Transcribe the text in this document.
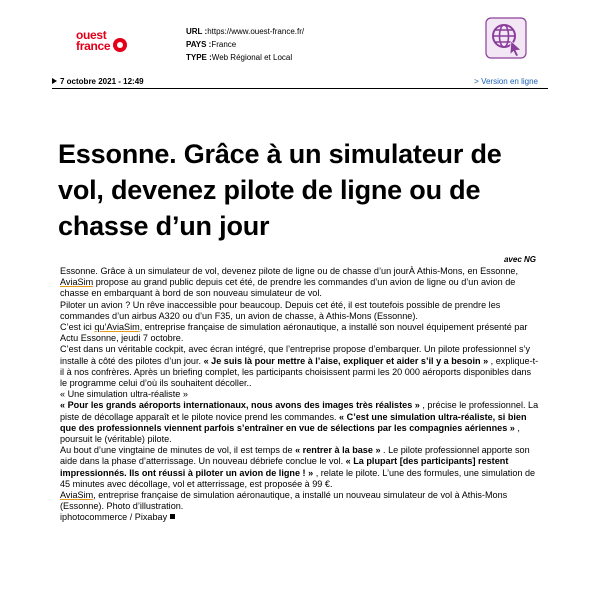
ouest
france
URL :https://www.ouest-france.fr/
PAYS :France
TYPE :Web Régional et Local
7 octobre 2021 - 12:49	> Version en ligne
Essonne. Grâce à un simulateur de vol, devenez pilote de ligne ou de chasse d’un jour
avec NG

Essonne. Grâce à un simulateur de vol, devenez pilote de ligne ou de chasse d’un jourÀ Athis-Mons, en Essonne, AviaSim propose au grand public depuis cet été, de prendre les commandes d’un avion de ligne ou d’un avion de chasse en embarquant à bord de son nouveau simulateur de vol.

Piloter un avion ? Un rêve inaccessible pour beaucoup. Depuis cet été, il est toutefois possible de prendre les commandes d’un airbus A320 ou d’un F35, un avion de chasse, à Athis-Mons (Essonne).

C’est ici qu’AviaSim, entreprise française de simulation aéronautique, a installé son nouvel équipement présenté par Actu Essonne, jeudi 7 octobre.

C’est dans un véritable cockpit, avec écran intégré, que l’entreprise propose d’embarquer. Un pilote professionnel s’y installe à côté des pilotes d’un jour. « Je suis là pour mettre à l’aise, expliquer et aider s’il y a besoin » , explique-t-il à nos confrères. Après un briefing complet, les participants choisissent parmi les 20 000 aéroports disponibles dans le programme celui d’où ils souhaitent décoller..

« Une simulation ultra-réaliste »

« Pour les grands aéroports internationaux, nous avons des images très réalistes » , précise le professionnel. La piste de décollage apparaît et le pilote novice prend les commandes. « C’est une simulation ultra-réaliste, si bien que des professionnels viennent parfois s’entraîner en vue de sélections par les compagnies aériennes » , poursuit le (véritable) pilote.

Au bout d’une vingtaine de minutes de vol, il est temps de « rentrer à la base » . Le pilote professionnel apporte son aide dans la phase d’atterrissage. Un nouveau débriefe conclue le vol. « La plupart [des participants] restent impressionnés. Ils ont réussi à piloter un avion de ligne ! » , relate le pilote. L’une des formules, une simulation de 45 minutes avec décollage, vol et atterrissage, est proposée à 99 €.

AviaSim, entreprise française de simulation aéronautique, a installé un nouveau simulateur de vol à Athis-Mons (Essonne). Photo d’illustration.

iphotocommerce / Pixabay
